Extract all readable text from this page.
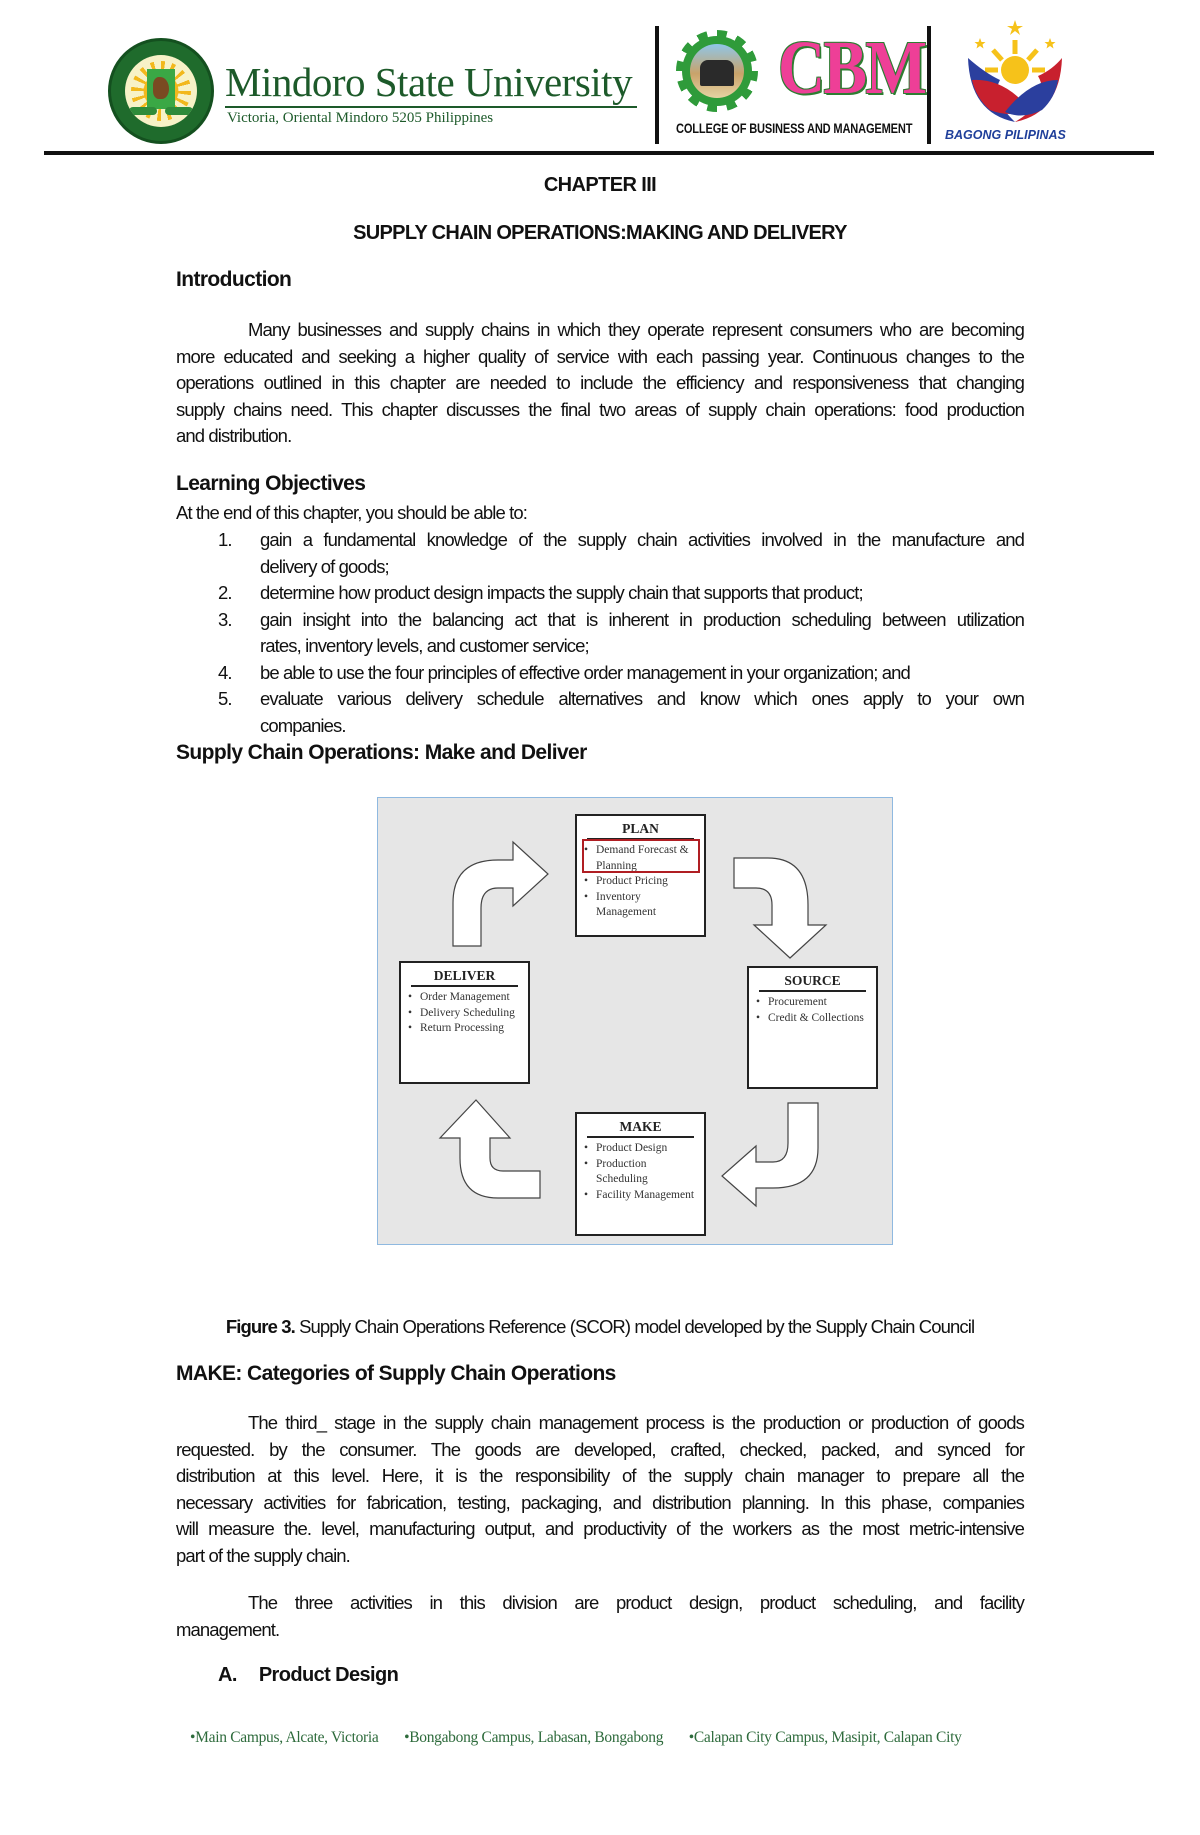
Mindoro State University
Victoria, Oriental Mindoro 5205 Philippines
CBM
COLLEGE OF BUSINESS AND MANAGEMENT	BAGONG PILIPINAS
CHAPTER III
SUPPLY CHAIN OPERATIONS:MAKING AND DELIVERY
Introduction
Many businesses and supply chains in which they operate represent consumers who are becoming
more educated and seeking a higher quality of service with each passing year. Continuous changes to the
operations outlined in this chapter are needed to include the efficiency and responsiveness that changing
supply chains need. This chapter discusses the final two areas of supply chain operations: food production
and distribution.
Learning Objectives
At the end of this chapter, you should be able to:
1. gain a fundamental knowledge of the supply chain activities involved in the manufacture and
delivery of goods;
2. determine how product design impacts the supply chain that supports that product;
3. gain insight into the balancing act that is inherent in production scheduling between utilization
rates, inventory levels, and customer service;
4. be able to use the four principles of effective order management in your organization; and
5. evaluate various delivery schedule alternatives and know which ones apply to your own
companies.
Supply Chain Operations: Make and Deliver
PLAN
• Demand Forecast & Planning
• Product Pricing
• Inventory Management
SOURCE
• Procurement
• Credit & Collections
MAKE
• Product Design
• Production Scheduling
• Facility Management
DELIVER
• Order Management
• Delivery Scheduling
• Return Processing
Figure 3. Supply Chain Operations Reference (SCOR) model developed by the Supply Chain Council
MAKE: Categories of Supply Chain Operations
The third_ stage in the supply chain management process is the production or production of goods
requested. by the consumer. The goods are developed, crafted, checked, packed, and synced for
distribution at this level. Here, it is the responsibility of the supply chain manager to prepare all the
necessary activities for fabrication, testing, packaging, and distribution planning. In this phase, companies
will measure the. level, manufacturing output, and productivity of the workers as the most metric-intensive
part of the supply chain.
The three activities in this division are product design, product scheduling, and facility
management.
A. Product Design
•Main Campus, Alcate, Victoria •Bongabong Campus, Labasan, Bongabong •Calapan City Campus, Masipit, Calapan City
